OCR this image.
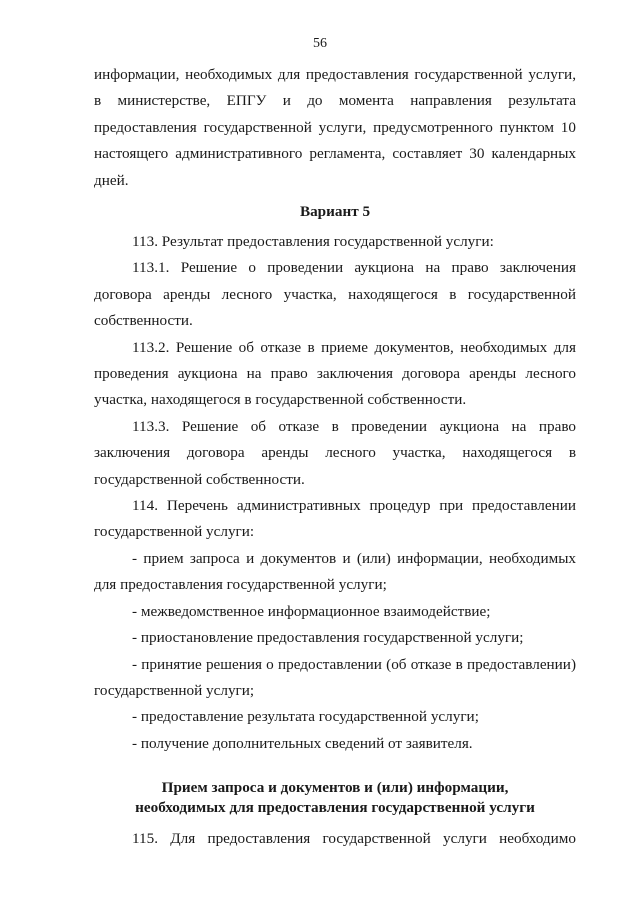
56

информации, необходимых для предоставления государственной услуги, в министерстве, ЕПГУ и до момента направления результата предоставления государственной услуги, предусмотренного пунктом 10 настоящего административного регламента, составляет 30 календарных дней.

Вариант 5

113. Результат предоставления государственной услуги:

113.1. Решение о проведении аукциона на право заключения договора аренды лесного участка, находящегося в государственной собственности.

113.2. Решение об отказе в приеме документов, необходимых для проведения аукциона на право заключения договора аренды лесного участка, находящегося в государственной собственности.

113.3. Решение об отказе в проведении аукциона на право заключения договора аренды лесного участка, находящегося в государственной собственности.

114. Перечень административных процедур при предоставлении государственной услуги:

- прием запроса и документов и (или) информации, необходимых для предоставления государственной услуги;

- межведомственное информационное взаимодействие;

- приостановление предоставления государственной услуги;

- принятие решения о предоставлении (об отказе в предоставлении) государственной услуги;

- предоставление результата государственной услуги;

- получение дополнительных сведений от заявителя.

Прием запроса и документов и (или) информации,
необходимых для предоставления государственной услуги

115. Для предоставления государственной услуги необходимо
